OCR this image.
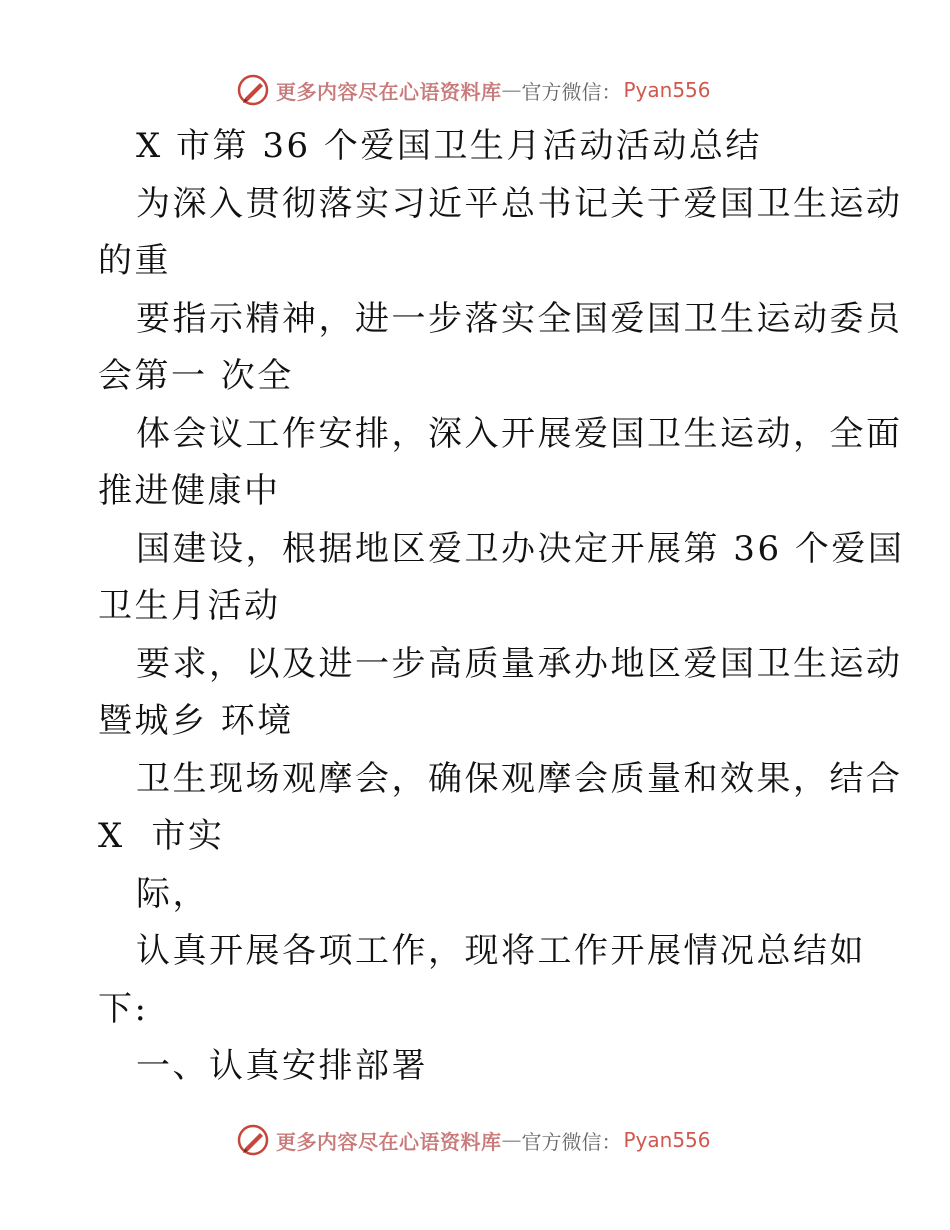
更多内容尽在心语资料库 — 官方微信： Pyan556
X 市第 36 个爱国卫生月活动活动总结
为深入贯彻落实习近平总书记关于爱国卫生运动
的重
要指示精神，进一步落实全国爱国卫生运动委员
会第一 次全
体会议工作安排，深入开展爱国卫生运动，全面
推进健康中
国建设，根据地区爱卫办决定开展第 36 个爱国
卫生月活动
要求，以及进一步高质量承办地区爱国卫生运动
暨城乡 环境
卫生现场观摩会，确保观摩会质量和效果，结合
X  市实
际，
认真开展各项工作，现将工作开展情况总结如
下:
一、认真安排部署
更多内容尽在心语资料库 — 官方微信： Pyan556
